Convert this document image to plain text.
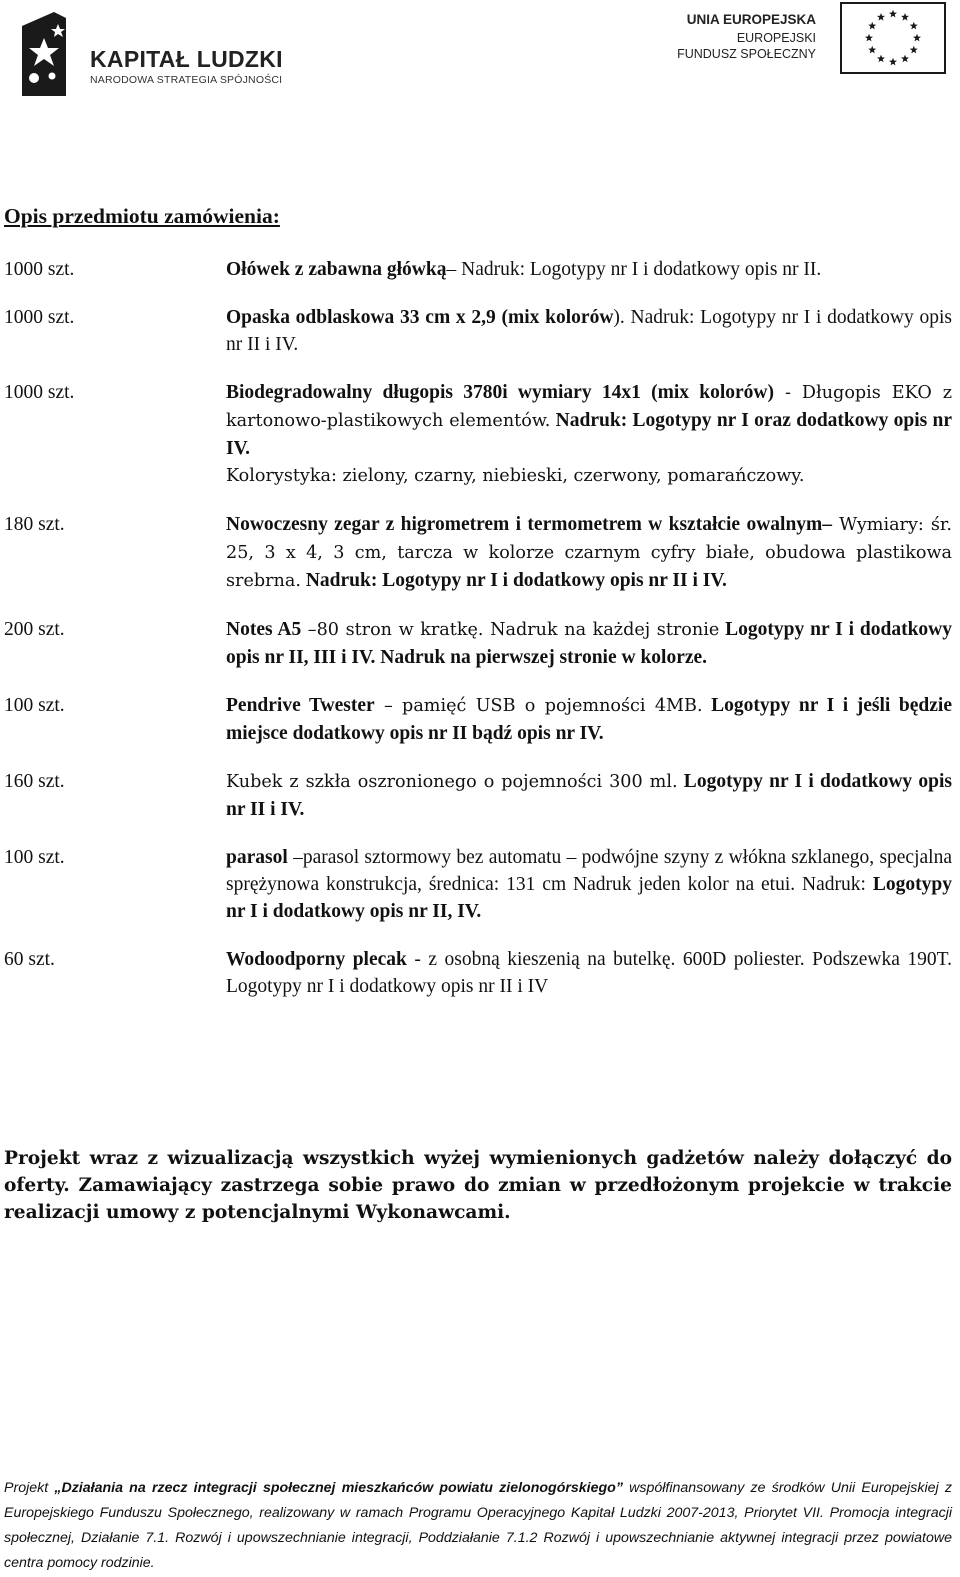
KAPITAŁ LUDZKI
NARODOWA STRATEGIA SPÓJNOŚCI
UNIA EUROPEJSKA
EUROPEJSKI
FUNDUSZ SPOŁECZNY
Opis przedmiotu zamówienia:
1000 szt.	Ołówek z zabawna główką– Nadruk: Logotypy nr I i dodatkowy opis nr II.
1000 szt.	Opaska odblaskowa 33 cm x 2,9 (mix kolorów). Nadruk: Logotypy nr I i dodatkowy opis nr II i IV.
1000 szt.	Biodegradowalny długopis 3780i wymiary 14x1 (mix kolorów) - Długopis EKO z kartonowo-plastikowych elementów. Nadruk: Logotypy nr I oraz dodatkowy opis nr IV.
Kolorystyka: zielony, czarny, niebieski, czerwony, pomarańczowy.
180 szt.	Nowoczesny zegar z higrometrem i termometrem w kształcie owalnym– Wymiary: śr. 25, 3 x 4, 3 cm, tarcza w kolorze czarnym cyfry białe, obudowa plastikowa srebrna. Nadruk: Logotypy nr I i dodatkowy opis nr II i IV.
200 szt.	Notes A5 –80 stron w kratkę. Nadruk na każdej stronie Logotypy nr I i dodatkowy opis nr II, III i IV. Nadruk na pierwszej stronie w kolorze.
100 szt.	Pendrive Twester – pamięć USB o pojemności 4MB. Logotypy nr I i jeśli będzie miejsce dodatkowy opis nr II bądź opis nr IV.
160 szt.	Kubek z szkła oszronionego o pojemności 300 ml. Logotypy nr I i dodatkowy opis nr II i IV.
100 szt.	parasol –parasol sztormowy bez automatu – podwójne szyny z włókna szklanego, specjalna sprężynowa konstrukcja, średnica: 131 cm Nadruk jeden kolor na etui. Nadruk: Logotypy nr I i dodatkowy opis nr II, IV.
60 szt.	Wodoodporny plecak - z osobną kieszenią na butelkę. 600D poliester. Podszewka 190T. Logotypy nr I i dodatkowy opis nr II i IV
Projekt wraz z wizualizacją wszystkich wyżej wymienionych gadżetów należy dołączyć do oferty. Zamawiający zastrzega sobie prawo do zmian w przedłożonym projekcie w trakcie realizacji umowy z potencjalnymi Wykonawcami.
Projekt „Działania na rzecz integracji społecznej mieszkańców powiatu zielonogórskiego” współfinansowany ze środków Unii Europejskiej z Europejskiego Funduszu Społecznego, realizowany w ramach Programu Operacyjnego Kapitał Ludzki 2007-2013, Priorytet VII. Promocja integracji społecznej, Działanie 7.1. Rozwój i upowszechnianie integracji, Poddziałanie 7.1.2 Rozwój i upowszechnianie aktywnej integracji przez powiatowe centra pomocy rodzinie.
